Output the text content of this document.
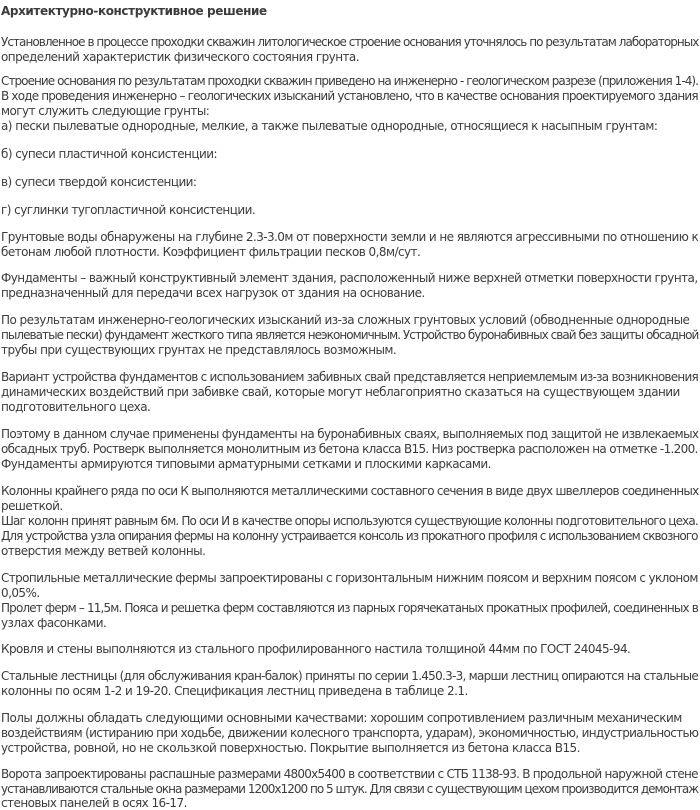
Архитектурно-конструктивное решение
Установленное в процессе проходки скважин литологическое строение основания уточнялось по результатам лабораторных
определений характеристик физического состояния грунта.
Строение основания по результатам проходки скважин приведено на инженерно - геологическом разрезе (приложения 1-4).
В ходе проведения инженерно – геологических изысканий установлено, что в качестве основания проектируемого здания
могут служить следующие грунты:
а) пески пылеватые однородные, мелкие, а также пылеватые однородные, относящиеся к насыпным грунтам:
б) супеси пластичной консистенции:
в) супеси твердой консистенции:
г) суглинки тугопластичной консистенции.
Грунтовые воды обнаружены на глубине 2.3-3.0м от поверхности земли и не являются агрессивными по отношению к
бетонам любой плотности. Коэффициент фильтрации песков 0,8м/сут.
Фундаменты – важный конструктивный элемент здания, расположенный ниже верхней отметки поверхности грунта,
предназначенный для передачи всех нагрузок от здания на основание.
По результатам инженерно-геологических изысканий из-за сложных грунтовых условий (обводненные однородные
пылеватые пески) фундамент жесткого типа является неэкономичным. Устройство буронабивных свай без защиты обсадной
трубы при существующих грунтах не представлялось возможным.
Вариант устройства фундаментов с использованием забивных свай представляется неприемлемым из-за возникновения
динамических воздействий при забивке свай, которые могут неблагоприятно сказаться на существующем здании
подготовительного цеха.
Поэтому в данном случае применены фундаменты на буронабивных сваях, выполняемых под защитой не извлекаемых
обсадных труб. Ростверк выполняется монолитным из бетона класса В15. Низ ростверка расположен на отметке -1.200.
Фундаменты армируются типовыми арматурными сетками и плоскими каркасами.
Колонны крайнего ряда по оси К выполняются металлическими составного сечения в виде двух швеллеров соединенных
решеткой.
Шаг колонн принят равным 6м. По оси И в качестве опоры используются существующие колонны подготовительного цеха.
Для устройства узла опирания фермы на колонну устраивается консоль из прокатного профиля с использованием сквозного
отверстия между ветвей колонны.
Стропильные металлические фермы запроектированы с горизонтальным нижним поясом и верхним поясом с уклоном
0,05%.
Пролет ферм – 11,5м. Пояса и решетка ферм составляются из парных горячекатаных прокатных профилей, соединенных в
узлах фасонками.
Кровля и стены выполняются из стального профилированного настила толщиной 44мм по ГОСТ 24045-94.
Стальные лестницы (для обслуживания кран-балок) приняты по серии 1.450.3-3, марши лестниц опираются на стальные
колонны по осям 1-2 и 19-20. Спецификация лестниц приведена в таблице 2.1.
Полы должны обладать следующими основными качествами: хорошим сопротивлением различным механическим
воздействиям (истиранию при ходьбе, движении колесного транспорта, ударам), экономичностью, индустриальностью
устройства, ровной, но не скользкой поверхностью. Покрытие выполняется из бетона класса В15.
Ворота запроектированы распашные размерами 4800x5400 в соответствии с СТБ 1138-93. В продольной наружной стене
устанавливаются стальные окна размерами 1200x1200 по 5 штук. Для связи с существующим цехом производится демонтаж
стеновых панелей в осях 16-17.
